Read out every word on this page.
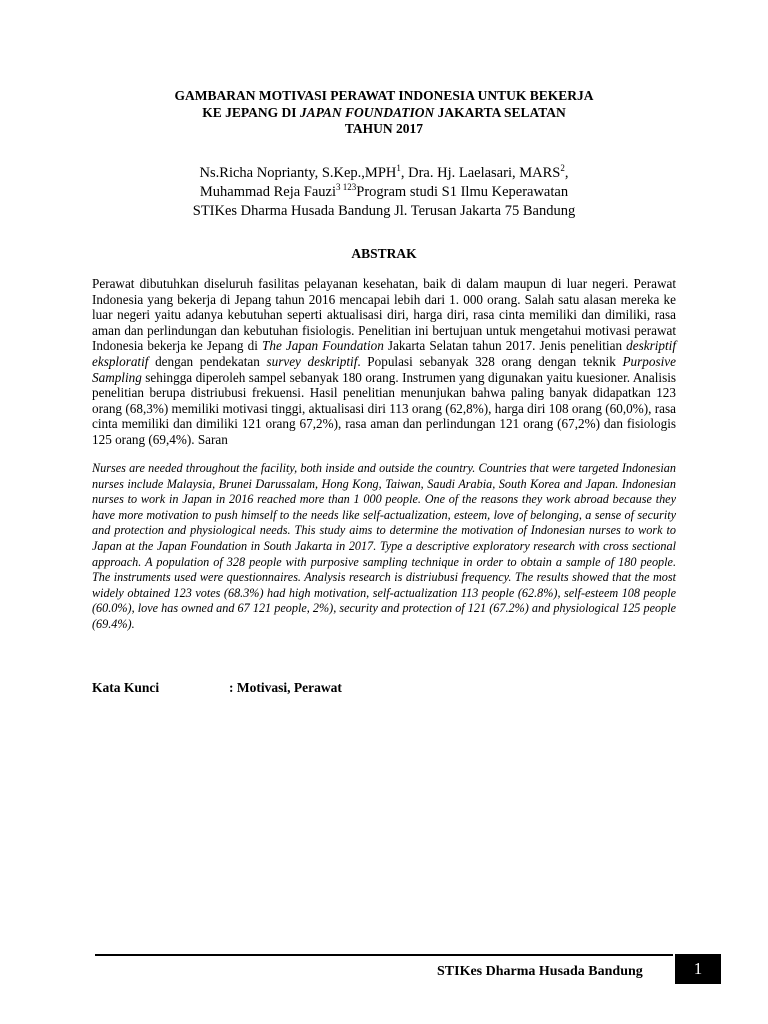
GAMBARAN MOTIVASI PERAWAT INDONESIA UNTUK BEKERJA

KE JEPANG DI JAPAN FOUNDATION JAKARTA SELATAN

TAHUN 2017

Ns.Richa Noprianty, S.Kep.,MPH$^1$, Dra. Hj. Laelasari, MARS$^2$,

Muhammad Reja Fauzi$^{3 123}$Program studi S1 Ilmu Keperawatan

STIKes Dharma Husada Bandung Jl. Terusan Jakarta 75 Bandung

ABSTRAK

Perawat dibutuhkan diseluruh fasilitas pelayanan kesehatan, baik di dalam maupun di luar negeri. Perawat Indonesia yang bekerja di Jepang tahun 2016 mencapai lebih dari 1. 000 orang. Salah satu alasan mereka ke luar negeri yaitu adanya kebutuhan seperti aktualisasi diri, harga diri, rasa cinta memiliki dan dimiliki, rasa aman dan perlindungan dan kebutuhan fisiologis. Penelitian ini bertujuan untuk mengetahui motivasi perawat Indonesia bekerja ke Jepang di The Japan Foundation Jakarta Selatan tahun 2017. Jenis penelitian deskriptif eksploratif dengan pendekatan survey deskriptif. Populasi sebanyak 328 orang dengan teknik Purposive Sampling sehingga diperoleh sampel sebanyak 180 orang. Instrumen yang digunakan yaitu kuesioner. Analisis penelitian berupa distriubusi frekuensi. Hasil penelitian menunjukan bahwa paling banyak didapatkan 123 orang (68,3%) memiliki motivasi tinggi, aktualisasi diri 113 orang (62,8%), harga diri 108 orang (60,0%), rasa cinta memiliki dan dimiliki 121 orang 67,2%), rasa aman dan perlindungan 121 orang (67,2%) dan fisiologis 125 orang (69,4%). Saran

Nurses are needed throughout the facility, both inside and outside the country. Countries that were targeted Indonesian nurses include Malaysia, Brunei Darussalam, Hong Kong, Taiwan, Saudi Arabia, South Korea and Japan. Indonesian nurses to work in Japan in 2016 reached more than 1 000 people. One of the reasons they work abroad because they have more motivation to push himself to the needs like self-actualization, esteem, love of belonging, a sense of security and protection and physiological needs. This study aims to determine the motivation of Indonesian nurses to work to Japan at the Japan Foundation in South Jakarta in 2017. Type a descriptive exploratory research with cross sectional approach. A population of 328 people with purposive sampling technique in order to obtain a sample of 180 people. The instruments used were questionnaires. Analysis research is distriubusi frequency. The results showed that the most widely obtained 123 votes (68.3%) had high motivation, self-actualization 113 people (62.8%), self-esteem 108 people (60.0%), love has owned and 67 121 people, 2%), security and protection of 121 (67.2%) and physiological 125 people (69.4%).

Kata Kunci	: Motivasi, Perawat
STIKes Dharma Husada Bandung	1
